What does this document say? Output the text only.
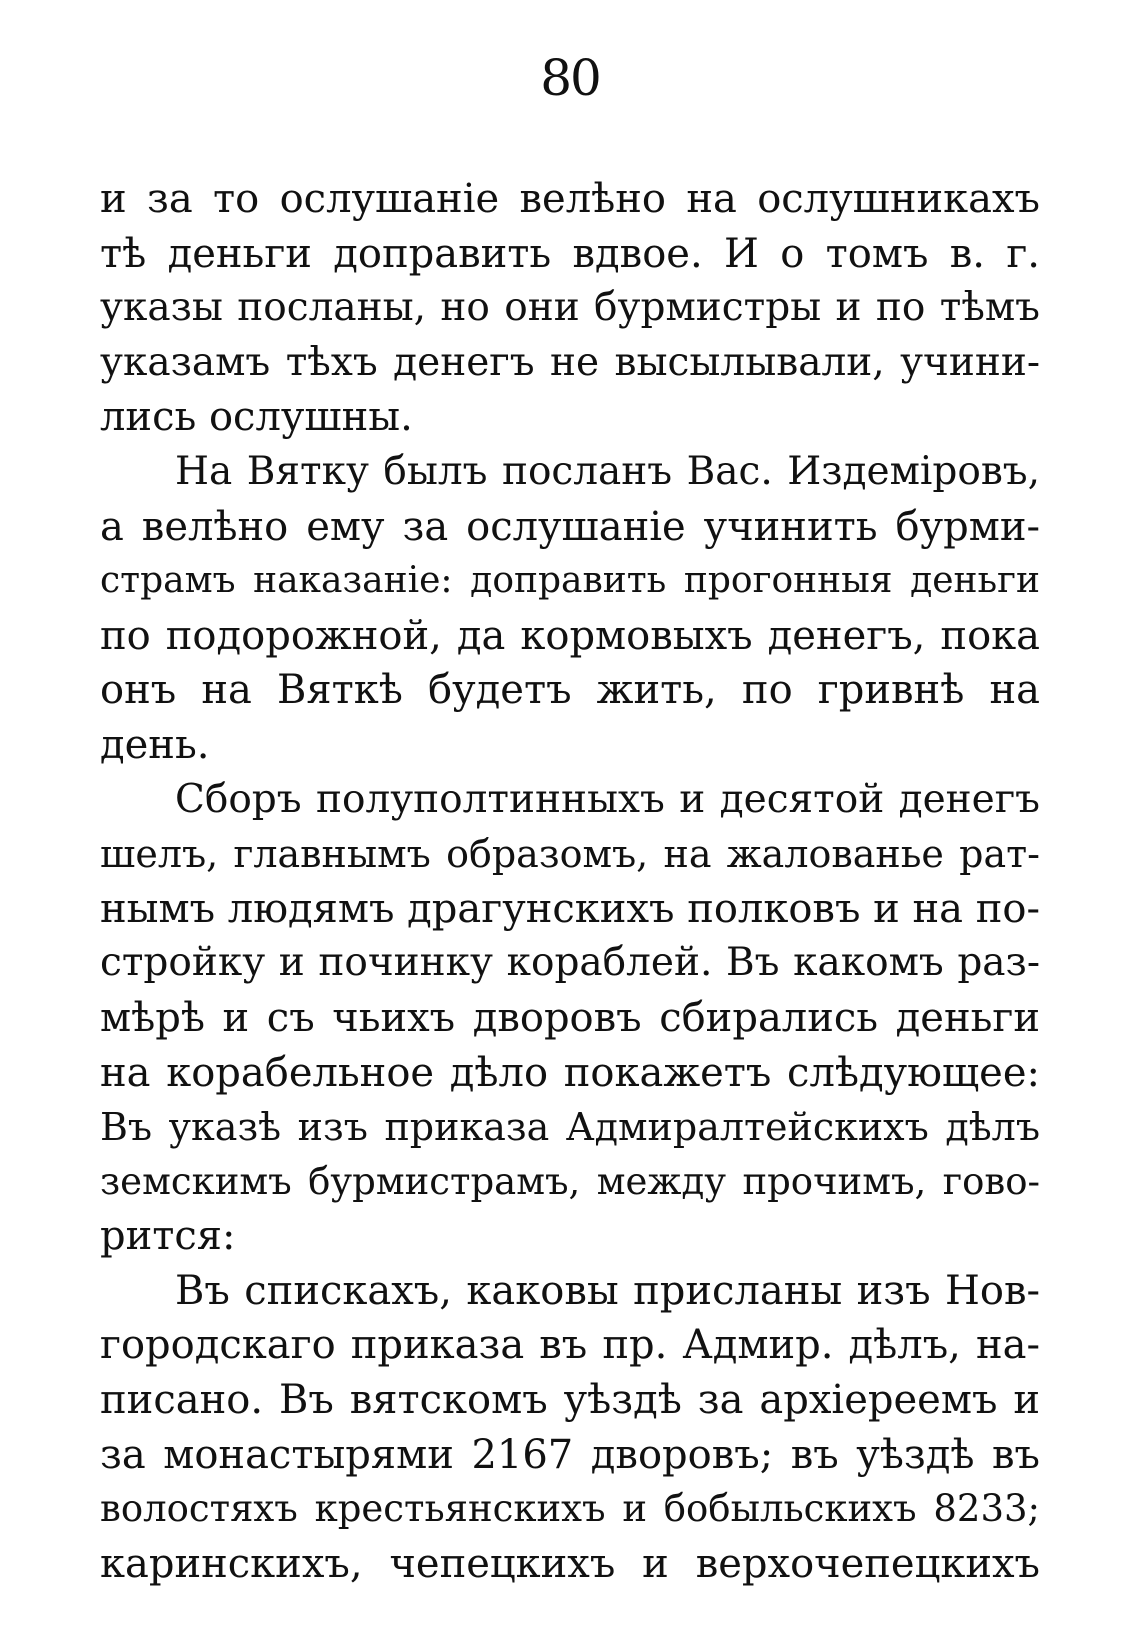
80
и за то ослушаніе велѣно на ослушникахъ
тѣ деньги доправить вдвое. И о томъ в. г.
указы посланы, но они бурмистры и по тѣмъ
указамъ тѣхъ денегъ не высылывали, учини-
лись ослушны.
На Вятку былъ посланъ Вас. Издеміровъ,
а велѣно ему за ослушаніе учинить бурми-
страмъ наказаніе: доправить прогонныя деньги
по подорожной, да кормовыхъ денегъ, пока
онъ на Вяткѣ будетъ жить, по гривнѣ на
день.
Сборъ полуполтинныхъ и десятой денегъ
шелъ, главнымъ образомъ, на жалованье рат-
нымъ людямъ драгунскихъ полковъ и на по-
стройку и починку кораблей. Въ какомъ раз-
мѣрѣ и съ чьихъ дворовъ сбирались деньги
на корабельное дѣло покажетъ слѣдующее:
Въ указѣ изъ приказа Адмиралтейскихъ дѣлъ
земскимъ бурмистрамъ, между прочимъ, гово-
рится:
Въ спискахъ, каковы присланы изъ Нов-
городскаго приказа въ пр. Адмир. дѣлъ, на-
писано. Въ вятскомъ уѣздѣ за архіереемъ и
за монастырями 2167 дворовъ; въ уѣздѣ въ
волостяхъ крестьянскихъ и бобыльскихъ 8233;
каринскихъ, чепецкихъ и верхочепецкихъ
